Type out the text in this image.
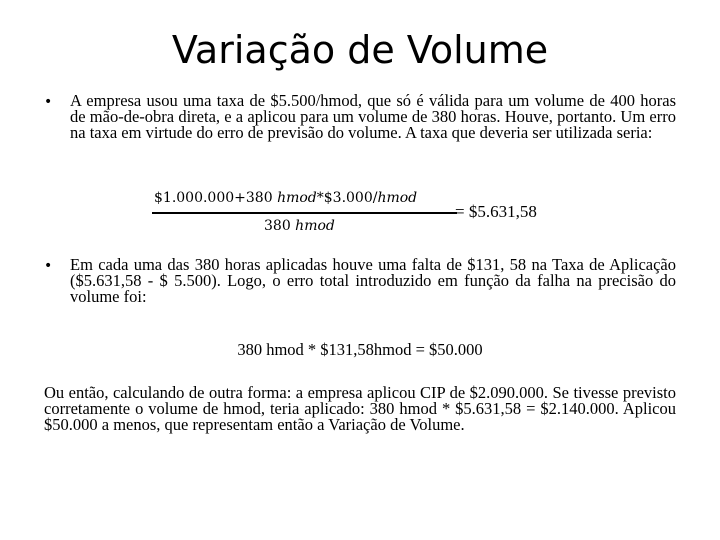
Variação de Volume
• A empresa usou uma taxa de $5.500/hmod, que só é válida para um volume de 400 horas de mão-de-obra direta, e a aplicou para um volume de 380 horas. Houve, portanto. Um erro na taxa em virtude do erro de previsão do volume. A taxa que deveria ser utilizada seria:
$1.000.000+380 hmod*$3.000/hmod
380 hmod
= $5.631,58
• Em cada uma das 380 horas aplicadas houve uma falta de $131, 58 na Taxa de Aplicação ($5.631,58 - $ 5.500). Logo, o erro total introduzido em função da falha na precisão do volume foi:
380 hmod * $131,58hmod = $50.000
Ou então, calculando de outra forma: a empresa aplicou CIP de $2.090.000. Se tivesse previsto corretamente o volume de hmod, teria aplicado: 380 hmod * $5.631,58 = $2.140.000. Aplicou $50.000 a menos, que representam então a Variação de Volume.
